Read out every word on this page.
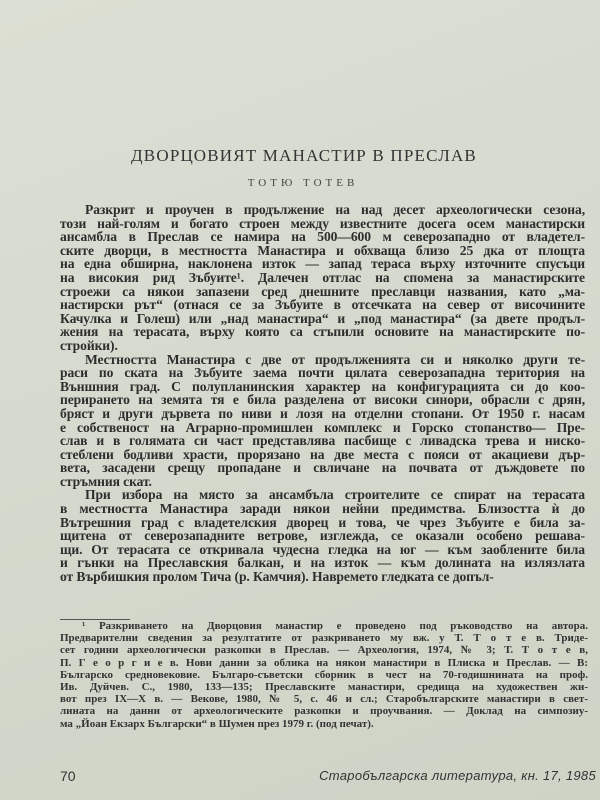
ДВОРЦОВИЯТ МАНАСТИР В ПРЕСЛАВ
ТОТЮ ТОТЕВ
Разкрит и проучен в продължение на над десет археологически сезона,
този най-голям и богато строен между известните досега осем манастирски
ансамбла в Преслав се намира на 500—600 м северозападно от владетел-
ските дворци, в местността Манастира и обхваща близо 25 дка от площта
на една обширна, наклонена изток — запад тераса върху източните спусъци
на високия рид Зъбуите¹. Далечен отглас на спомена за манастирските
строежи са някои запазени сред днешните преславци названия, като „ма-
настирски рът“ (отнася се за Зъбуите в отсечката на север от височините
Качулка и Голеш) или „над манастира“ и „под манастира“ (за двете продъл-
жения на терасата, върху която са стъпили основите на манастирските по-
стройки).
Местността Манастира с две от продълженията си и няколко други те-
раси по ската на Зъбуите заема почти цялата северозападна територия на
Външния град. С полупланинския характер на конфигурацията си до коо-
перирането на земята тя е била разделена от високи синори, обрасли с дрян,
бряст и други дървета по ниви и лозя на отделни стопани. От 1950 г. насам
е собственост на Аграрно-промишлен комплекс и Горско стопанство— Пре-
слав и в голямата си част представлява пасбище с ливадска трева и ниско-
стеблени бодливи храсти, прорязано на две места с пояси от акациеви дър-
вета, засадени срещу пропадане и свличане на почвата от дъждовете по
стръмния скат.
При избора на място за ансамбъла строителите се спират на терасата
в местността Манастира заради някои нейни предимства. Близостта ѝ до
Вътрешния град с владетелския дворец и това, че чрез Зъбуите е била за-
щитена от северозападните ветрове, изглежда, се оказали особено решава-
щи. От терасата се откривала чудесна гледка на юг — към заоблените била
и гънки на Преславския балкан, и на изток — към долината на излязлата
от Върбишкия пролом Тича (р. Камчия). Навремето гледката се допъл-
¹ Разкриването на Дворцовия манастир е проведено под ръководство на автора.
Предварителни сведения за резултатите от разкриването му вж. у Т. Т о т е в. Триде-
сет години археологически разкопки в Преслав. — Археология, 1974, № 3; Т. Т о т е в,
П. Г е о р г и е в. Нови данни за облика на някои манастири в Плиска и Преслав. — В:
Българско средновековие. Българо-съветски сборник в чест на 70-годишнината на проф.
Ив. Дуйчев. С., 1980, 133—135; Преславските манастири, средища на художествен жи-
вот през IX—X в. — Векове, 1980, № 5, с. 46 и сл.; Старобългарските манастири в свет-
лината на данни от археологическите разкопки и проучвания. — Доклад на симпозиу-
ма „Йоан Екзарх Български“ в Шумен през 1979 г. (под печат).
70	Старобългарска литература, кн. 17, 1985
